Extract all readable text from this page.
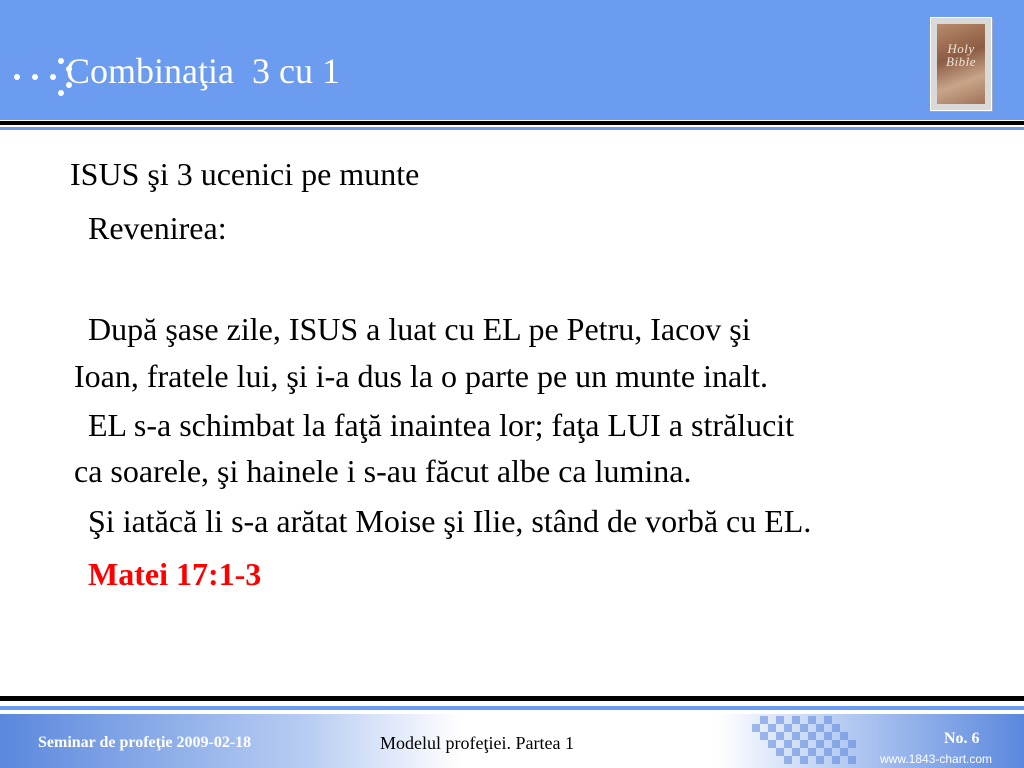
Combinaţia  3 cu 1
Holy Bible
ISUS şi 3 ucenici pe munte
Revenirea:
După şase zile, ISUS a luat cu EL pe Petru, Iacov şi
Ioan, fratele lui, şi i-a dus la o parte pe un munte inalt.
EL s-a schimbat la faţă inaintea lor; faţa LUI a strălucit
ca soarele, şi hainele i s-au făcut albe ca lumina.
Şi iatăcă li s-a arătat Moise şi Ilie, stând de vorbă cu EL.
Matei 17:1-3
Seminar de profeţie 2009-02-18	Modelul profeţiei. Partea 1	No. 6
www.1843-chart.com
